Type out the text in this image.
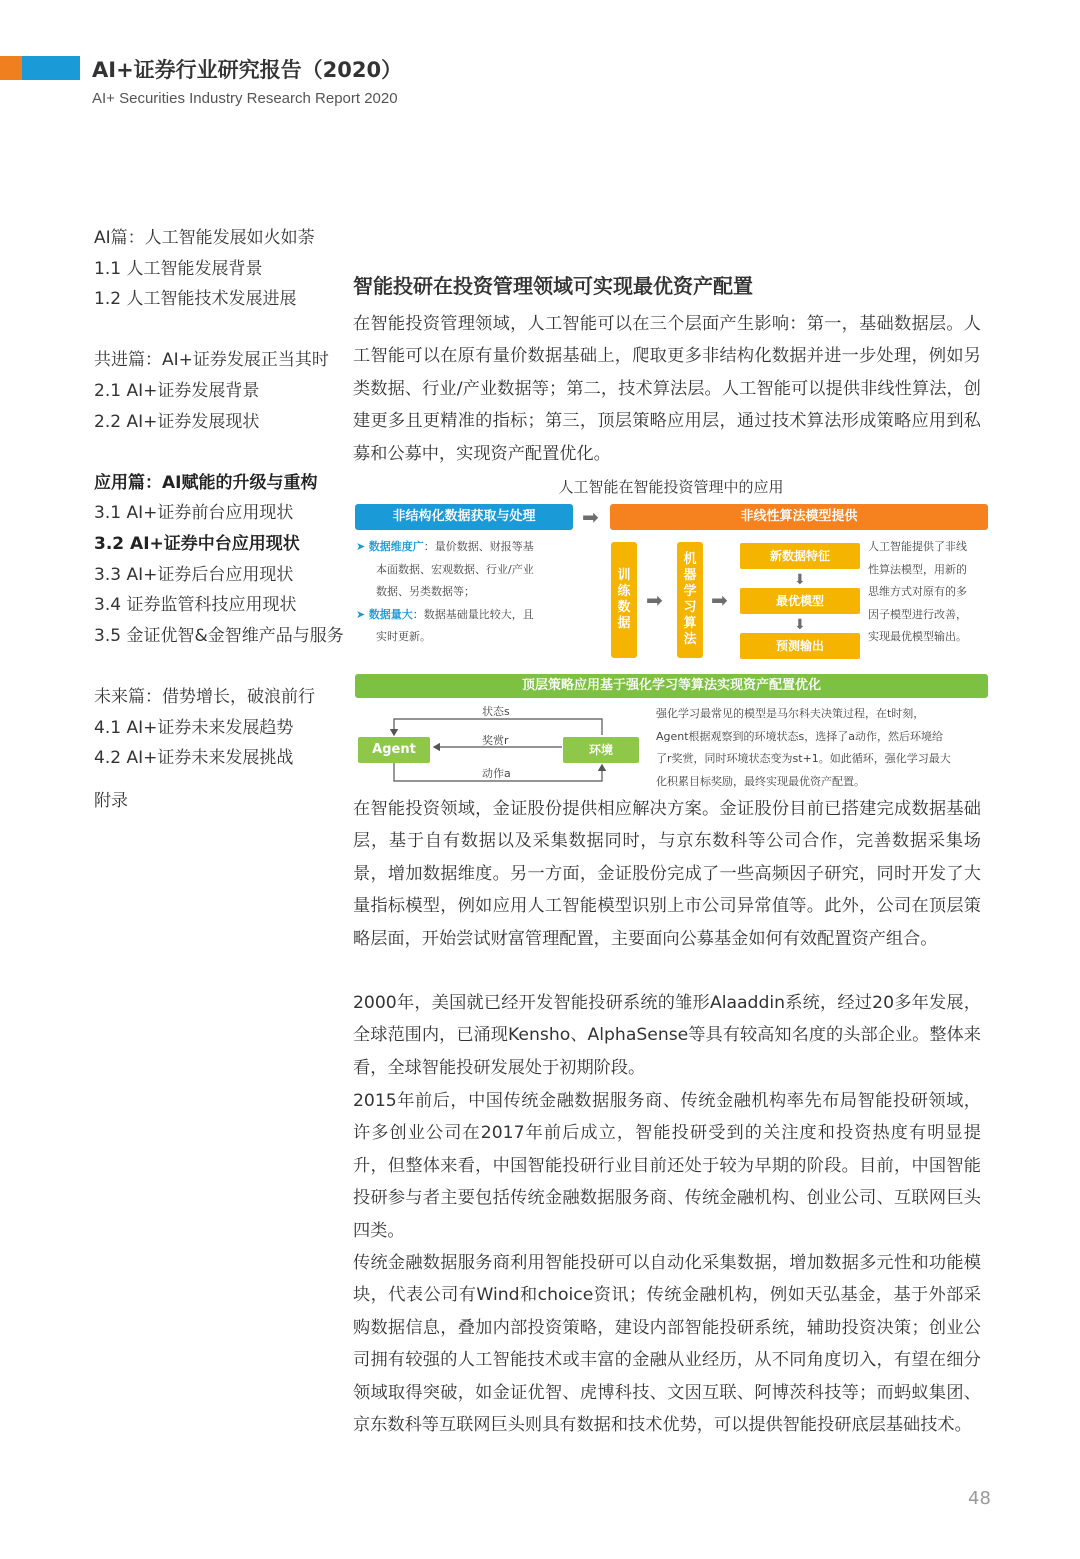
AI+证券行业研究报告（2020）
AI+ Securities Industry Research Report 2020
AI篇：人工智能发展如火如荼
1.1 人工智能发展背景
1.2 人工智能技术发展进展
共进篇：AI+证券发展正当其时
2.1 AI+证券发展背景
2.2 AI+证券发展现状
应用篇：AI赋能的升级与重构
3.1 AI+证券前台应用现状
3.2 AI+证券中台应用现状
3.3 AI+证券后台应用现状
3.4 证券监管科技应用现状
3.5 金证优智&金智维产品与服务
未来篇：借势增长，破浪前行
4.1 AI+证券未来发展趋势
4.2 AI+证券未来发展挑战
附录
智能投研在投资管理领域可实现最优资产配置
在智能投资管理领域，人工智能可以在三个层面产生影响：第一，基础数据层。人工智能可以在原有量价数据基础上，爬取更多非结构化数据并进一步处理，例如另类数据、行业/产业数据等；第二，技术算法层。人工智能可以提供非线性算法，创建更多且更精准的指标；第三，顶层策略应用层，通过技术算法形成策略应用到私募和公募中，实现资产配置优化。
人工智能在智能投资管理中的应用
非结构化数据获取与处理	➡	非线性算法模型提供
➤ 数据维度广：量价数据、财报等基
本面数据、宏观数据、行业/产业
数据、另类数据等；
➤ 数据量大：数据基础量比较大，且
实时更新。
训练数据
➡
机器学习算法
➡
新数据特征
⬇
最优模型
⬇
预测输出
人工智能提供了非线
性算法模型，用新的
思维方式对原有的多
因子模型进行改善，
实现最优模型输出。
顶层策略应用基于强化学习等算法实现资产配置优化
Agent	环境
状态s
奖赏r
动作a
强化学习最常见的模型是马尔科夫决策过程，在t时刻，
Agent根据观察到的环境状态s，选择了a动作，然后环境给
了r奖赏，同时环境状态变为st+1。如此循环，强化学习最大
化积累目标奖励，最终实现最优资产配置。
在智能投资领域，金证股份提供相应解决方案。金证股份目前已搭建完成数据基础层，基于自有数据以及采集数据同时，与京东数科等公司合作，完善数据采集场景，增加数据维度。另一方面，金证股份完成了一些高频因子研究，同时开发了大量指标模型，例如应用人工智能模型识别上市公司异常值等。此外，公司在顶层策略层面，开始尝试财富管理配置，主要面向公募基金如何有效配置资产组合。
2000年，美国就已经开发智能投研系统的雏形Alaaddin系统，经过20多年发展，全球范围内，已涌现Kensho、AlphaSense等具有较高知名度的头部企业。整体来看，全球智能投研发展处于初期阶段。
2015年前后，中国传统金融数据服务商、传统金融机构率先布局智能投研领域，许多创业公司在2017年前后成立，智能投研受到的关注度和投资热度有明显提升，但整体来看，中国智能投研行业目前还处于较为早期的阶段。目前，中国智能投研参与者主要包括传统金融数据服务商、传统金融机构、创业公司、互联网巨头四类。
传统金融数据服务商利用智能投研可以自动化采集数据，增加数据多元性和功能模块，代表公司有Wind和choice资讯；传统金融机构，例如天弘基金，基于外部采购数据信息，叠加内部投资策略，建设内部智能投研系统，辅助投资决策；创业公司拥有较强的人工智能技术或丰富的金融从业经历，从不同角度切入，有望在细分领域取得突破，如金证优智、虎博科技、文因互联、阿博茨科技等；而蚂蚁集团、京东数科等互联网巨头则具有数据和技术优势，可以提供智能投研底层基础技术。
48
